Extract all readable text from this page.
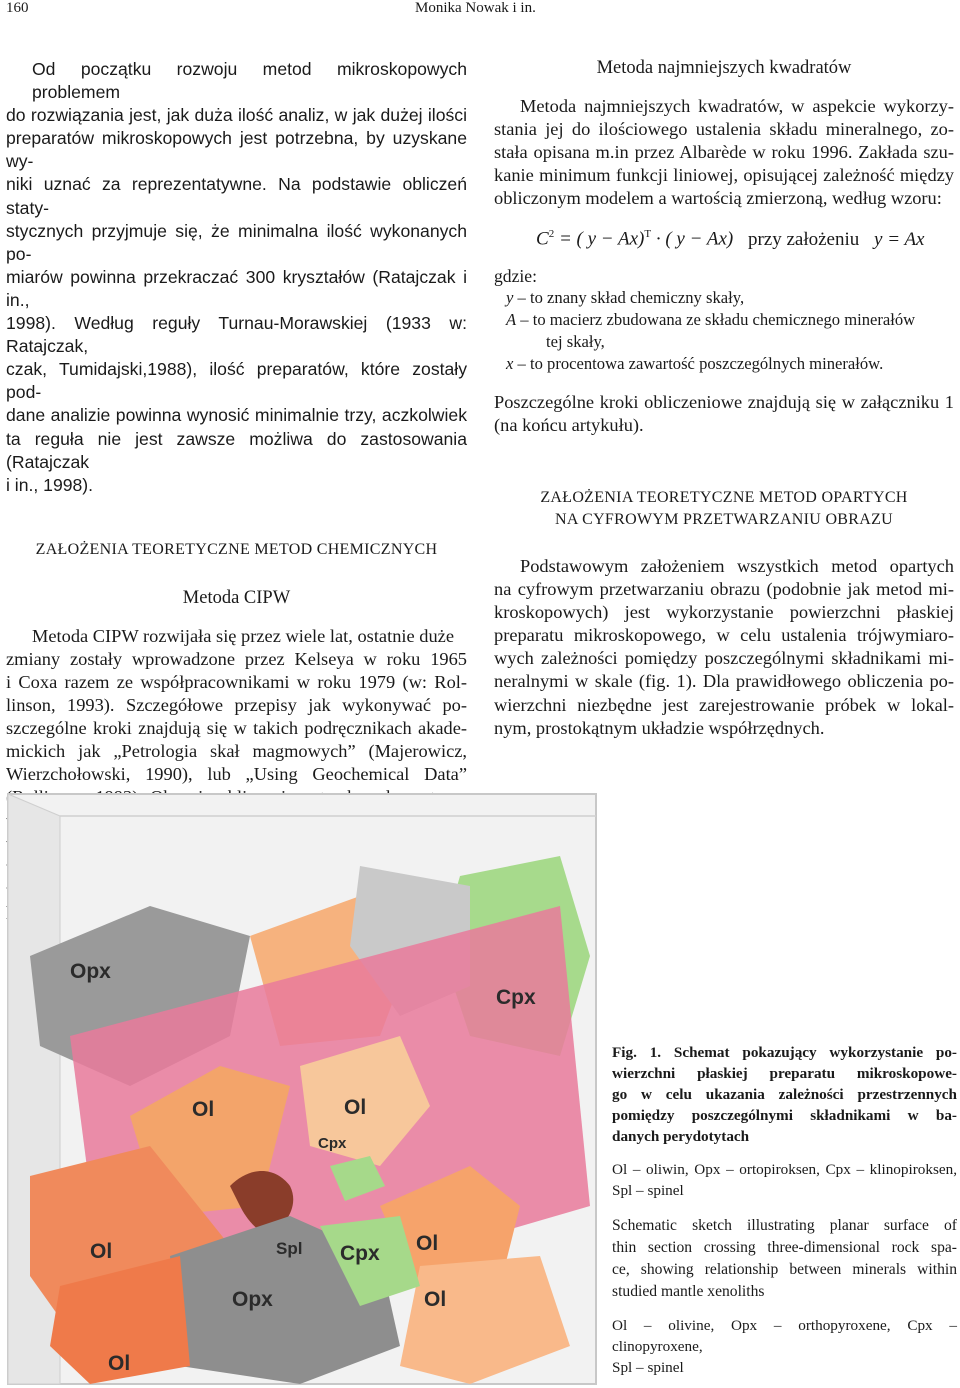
160	Monika Nowak i in.
Od początku rozwoju metod mikroskopowych problemem
do rozwiązania jest, jak duża ilość analiz, w jak dużej ilości
preparatów mikroskopowych jest potrzebna, by uzyskane wy-
niki uznać za reprezentatywne. Na podstawie obliczeń staty-
stycznych przyjmuje się, że minimalna ilość wykonanych po-
miarów powinna przekraczać 300 kryształów (Ratajczak i in.,
1998). Według reguły Turnau-Morawskiej (1933 w: Ratajczak,
czak, Tumidajski,1988), ilość preparatów, które zostały pod-
dane analizie powinna wynosić minimalnie trzy, aczkolwiek
ta reguła nie jest zawsze możliwa do zastosowania (Ratajczak
i in., 1998).
ZAŁOŻENIA TEORETYCZNE METOD CHEMICZNYCH
Metoda CIPW
Metoda CIPW rozwijała się przez wiele lat, ostatnie duże
zmiany zostały wprowadzone przez Kelseya w roku 1965
i Coxa razem ze współpracownikami w roku 1979 (w: Rol-
linson, 1993). Szczegółowe przepisy jak wykonywać po-
szczególne kroki znajdują się w takich podręcznikach akade-
mickich jak „Petrologia skał magmowych” (Majerowicz,
Wierzchołowski, 1990), lub „Using Geochemical Data”
Metoda najmniejszych kwadratów
Metoda najmniejszych kwadratów, w aspekcie wykorzy-
stania jej do ilościowego ustalenia składu mineralnego, zo-
stała opisana m.in przez Albarède w roku 1996. Zakłada szu-
kanie minimum funkcji liniowej, opisującej zależność między
obliczonym modelem a wartością zmierzoną, według wzoru:
$C^2$ = ( y − Ax)$^T$ · ( y − Ax) przy założeniu y = Ax
gdzie:
y – to znany skład chemiczny skały,
A – to macierz zbudowana ze składu chemicznego minerałów
tej skały,
x – to procentowa zawartość poszczególnych minerałów.
Poszczególne kroki obliczeniowe znajdują się w załączniku 1
(na końcu artykułu).
ZAŁOŻENIA TEORETYCZNE METOD OPARTYCH
NA CYFROWYM PRZETWARZANIU OBRAZU
Podstawowym założeniem wszystkich metod opartych
na cyfrowym przetwarzaniu obrazu (podobnie jak metod mi-
kroskopowych) jest wykorzystanie powierzchni płaskiej
preparatu mikroskopowego, w celu ustalenia trójwymiaro-
wych zależności pomiędzy poszczególnymi składnikami mi-
neralnymi w skale (fig. 1). Dla prawidłowego obliczenia po-
wierzchni niezbędne jest zarejestrowanie próbek w lokal-
nym, prostokątnym układzie współrzędnych.
Opx
Cpx
Ol	Ol
Cpx
Ol	Spl	Ol
Opx	Ol
Cpx
Ol
Fig. 1. Schemat pokazujący wykorzystanie po-
wierzchni płaskiej preparatu mikroskopowe-
go w celu ukazania zależności przestrzennych
pomiędzy poszczególnymi składnikami w ba-
danych perydotytach
Ol – oliwin, Opx – ortopiroksen, Cpx – klinopiroksen,
Spl – spinel
Schematic sketch illustrating planar surface of
thin section crossing three-dimensional rock spa-
ce, showing relationship between minerals within
studied mantle xenoliths
Ol – olivine, Opx – orthopyroxene, Cpx – clinopyroxene,
Spl – spinel
